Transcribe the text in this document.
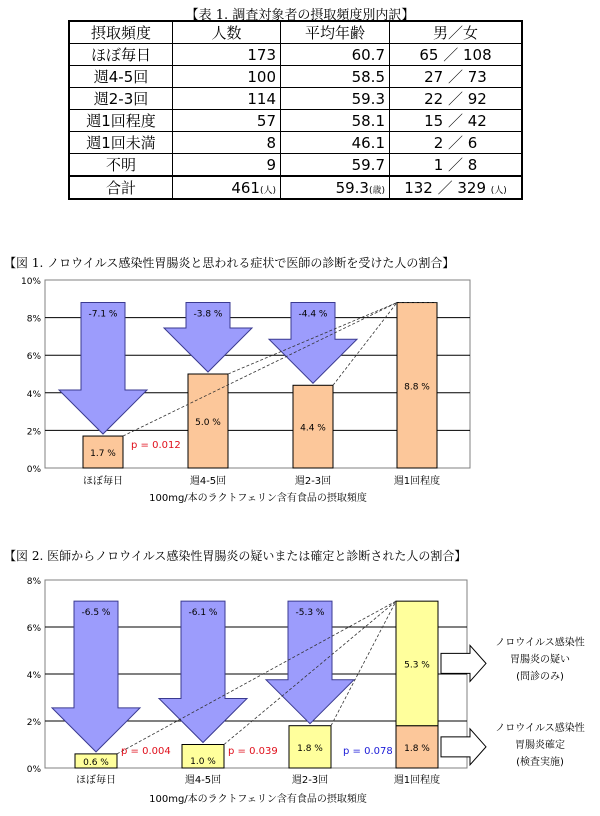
【表 1. 調査対象者の摂取頻度別内訳】
摂取頻度	人数	平均年齢	男／女
ほぼ毎日	173	60.7	65 ／ 108
週4-5回	100	58.5	27 ／ 73
週2-3回	114	59.3	22 ／ 92
週1回程度	57	58.1	15 ／ 42
週1回未満	8	46.1	2 ／ 6
不明	9	59.7	1 ／ 8
合計	461(人)	59.3(歳)	132 ／ 329 (人)
【図 1. ノロウイルス感染性胃腸炎と思われる症状で医師の診断を受けた人の割合】
0%
2%
4%
6%
8%
10%
-7.1 %	-3.8 %	-4.4 %
1.7 %
5.0 %
4.4 %
8.8 %
p = 0.012
ほぼ毎日	週4-5回	週2-3回	週1回程度
100mg/本のラクトフェリン含有食品の摂取頻度
【図 2. 医師からノロウイルス感染性胃腸炎の疑いまたは確定と診断された人の割合】
0%
2%
4%
6%
8%
-6.5 %	-6.1 %	-5.3 %
0.6 %	1.0 %
1.8 %	1.8 %
5.3 %
p = 0.004	p = 0.039	p = 0.078
ほぼ毎日	週4-5回	週2-3回	週1回程度
100mg/本のラクトフェリン含有食品の摂取頻度
ノロウイルス感染性
胃腸炎の疑い
(問診のみ)
ノロウイルス感染性
胃腸炎確定
(検査実施)
